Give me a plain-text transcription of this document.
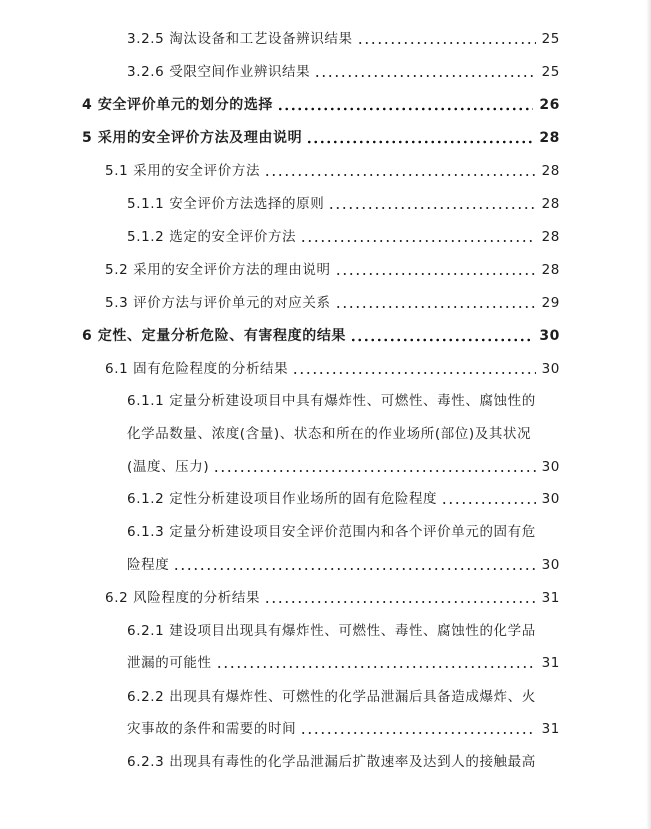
3.2.5 淘汰设备和工艺设备辨识结果	25
3.2.6 受限空间作业辨识结果	25
4 安全评价单元的划分的选择	26
5 采用的安全评价方法及理由说明	28
5.1 采用的安全评价方法	28
5.1.1 安全评价方法选择的原则	28
5.1.2 选定的安全评价方法	28
5.2 采用的安全评价方法的理由说明	28
5.3 评价方法与评价单元的对应关系	29
6 定性、定量分析危险、有害程度的结果	30
6.1 固有危险程度的分析结果	30
6.1.1 定量分析建设项目中具有爆炸性、可燃性、毒性、腐蚀性的
化学品数量、浓度(含量)、状态和所在的作业场所(部位)及其状况
(温度、压力)	30
6.1.2 定性分析建设项目作业场所的固有危险程度	30
6.1.3 定量分析建设项目安全评价范围内和各个评价单元的固有危
险程度	30
6.2 风险程度的分析结果	31
6.2.1 建设项目出现具有爆炸性、可燃性、毒性、腐蚀性的化学品
泄漏的可能性	31
6.2.2 出现具有爆炸性、可燃性的化学品泄漏后具备造成爆炸、火
灾事故的条件和需要的时间	31
6.2.3 出现具有毒性的化学品泄漏后扩散速率及达到人的接触最高
